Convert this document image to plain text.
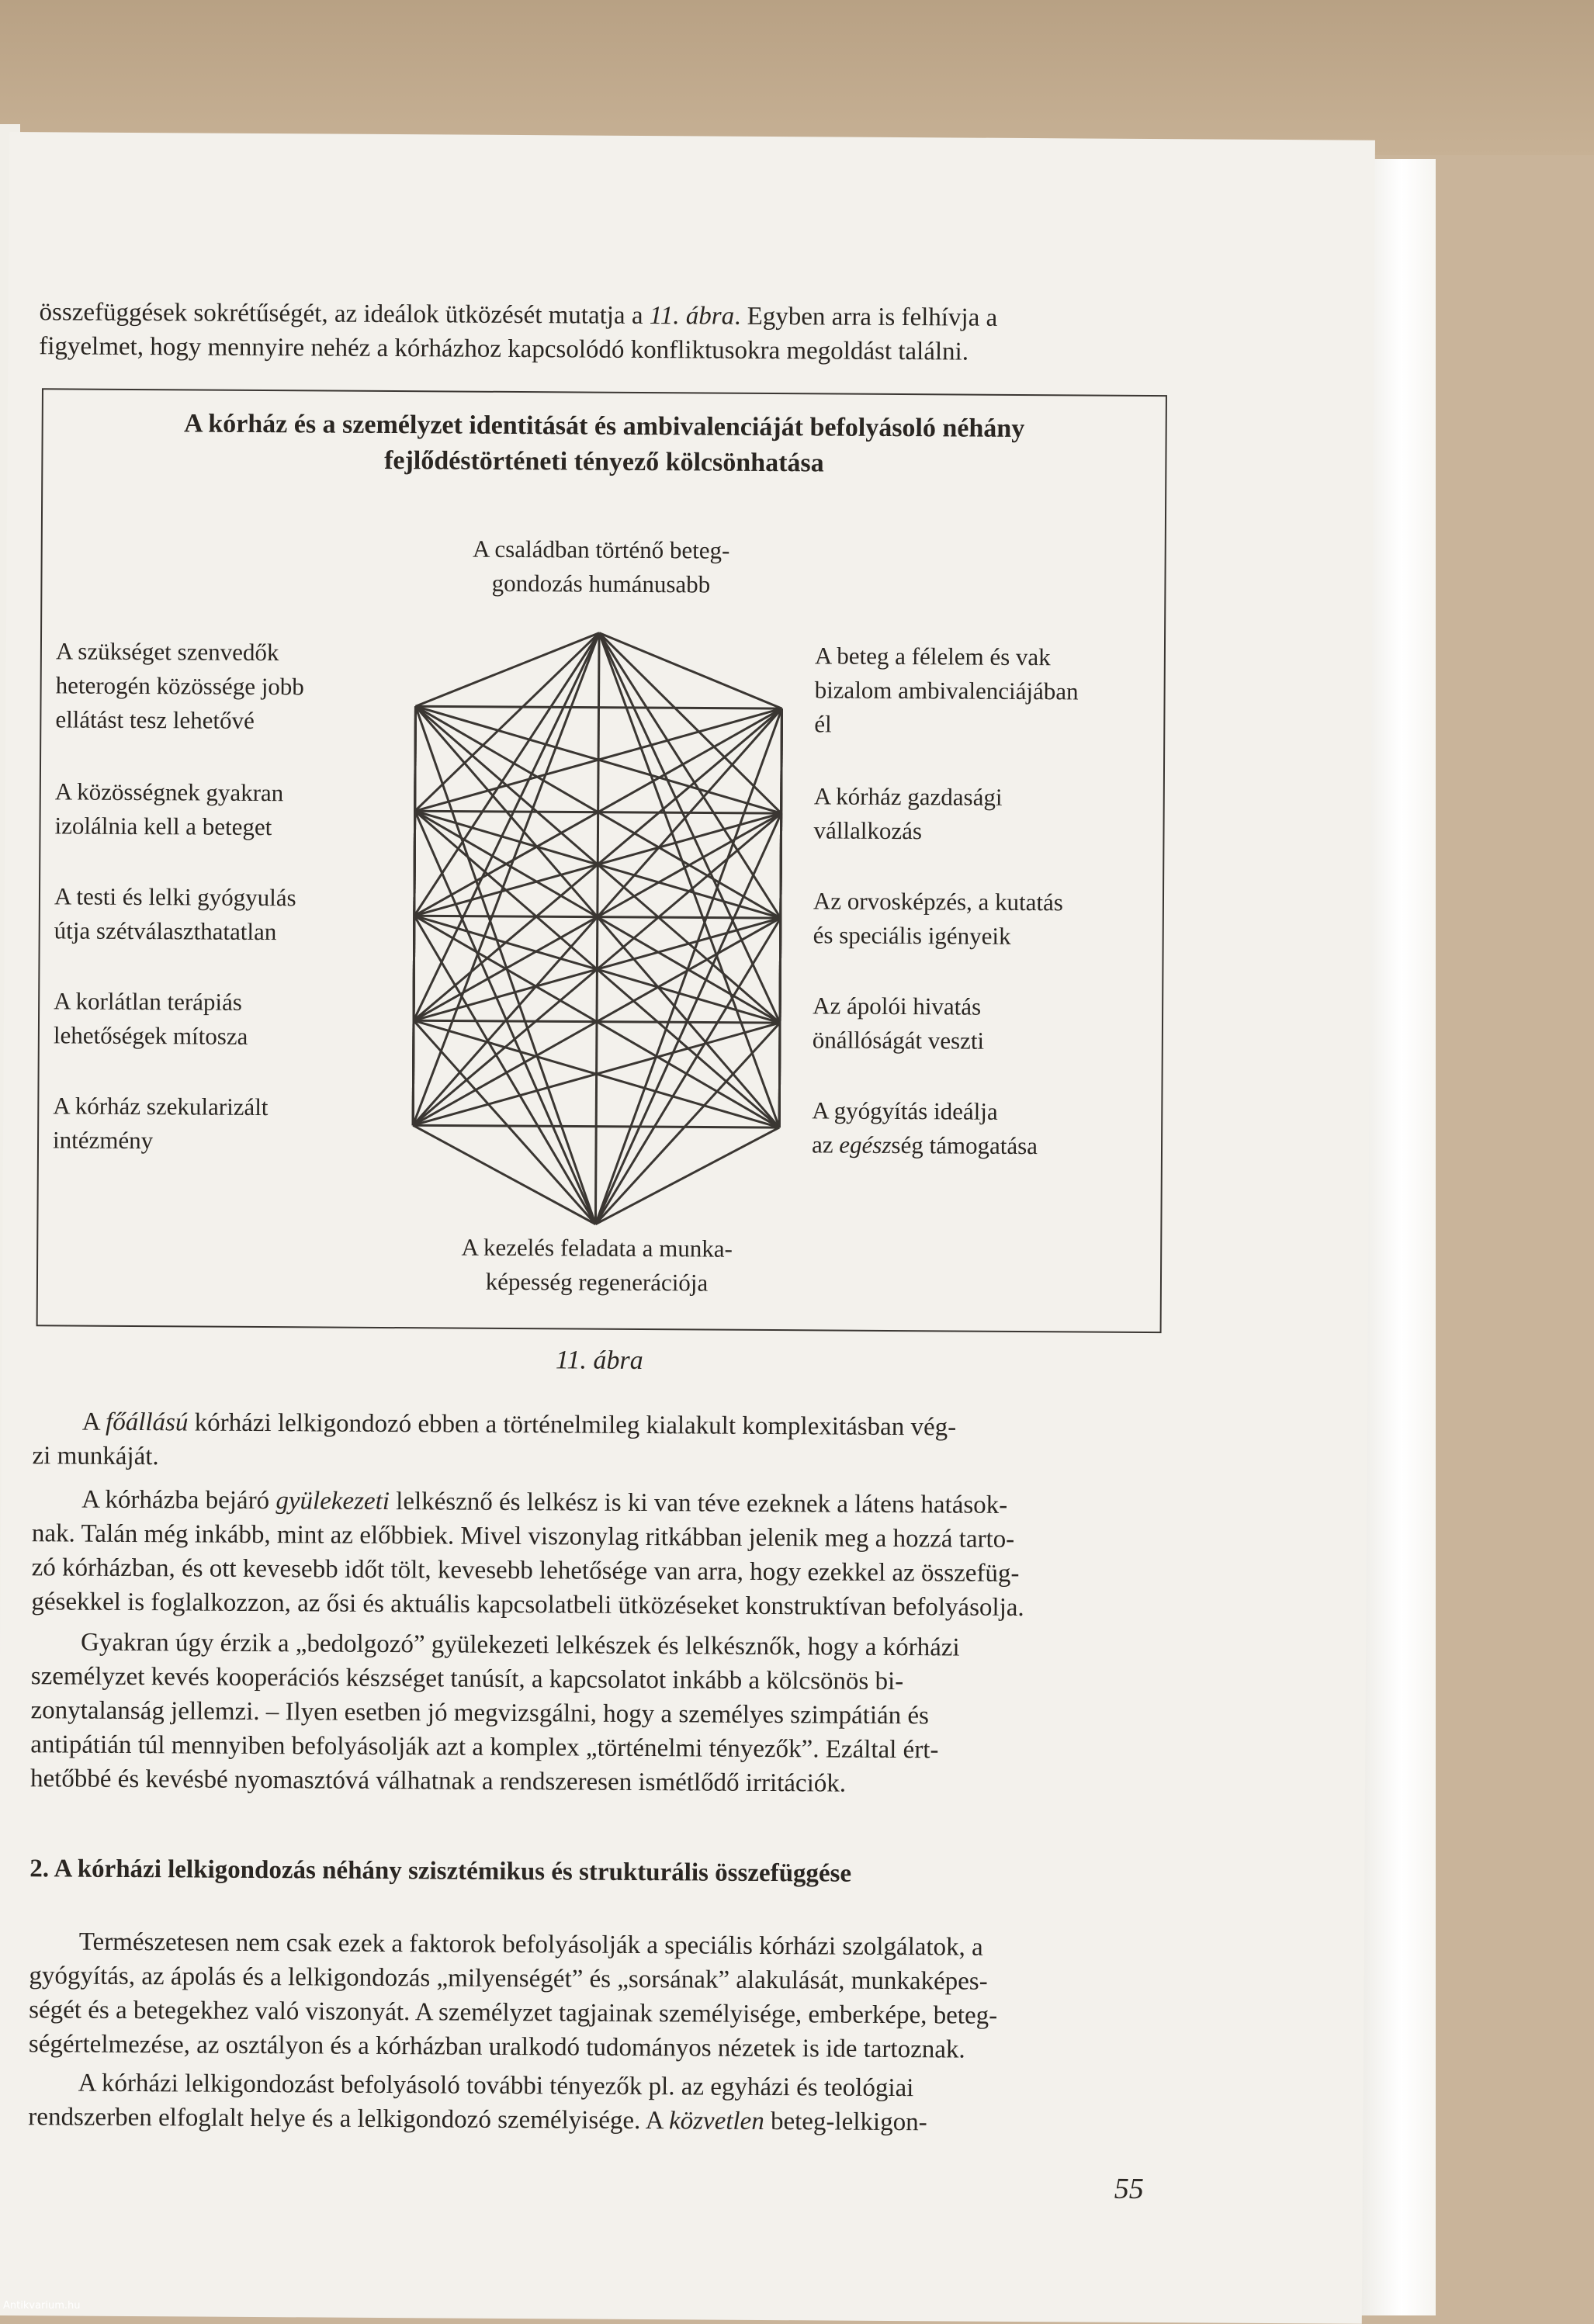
összefüggések sokrétűségét, az ideálok ütközését mutatja a 11. ábra. Egyben arra is felhívja a

figyelmet, hogy mennyire nehéz a kórházhoz kapcsolódó konfliktusokra megoldást találni.

A kórház és a személyzet identitását és ambivalenciáját befolyásoló néhány
fejlődéstörténeti tényező kölcsönhatása
A családban történő beteg-
gondozás humánusabb
A szükséget szenvedők
heterogén közössége jobb
ellátást tesz lehetővé
A közösségnek gyakran
izolálnia kell a beteget
A testi és lelki gyógyulás
útja szétválaszthatatlan
A korlátlan terápiás
lehetőségek mítosza
A kórház szekularizált
intézmény
A beteg a félelem és vak
bizalom ambivalenciájában
él
A kórház gazdasági
vállalkozás
Az orvosképzés, a kutatás
és speciális igényeik
Az ápolói hivatás
önállóságát veszti
A gyógyítás ideálja
az egészség támogatása
A kezelés feladata a munka-
képesség regenerációja
11. ábra

A főállású kórházi lelkigondozó ebben a történelmileg kialakult komplexitásban vég-

zi munkáját.

A kórházba bejáró gyülekezeti lelkésznő és lelkész is ki van téve ezeknek a látens hatások-

nak. Talán még inkább, mint az előbbiek. Mivel viszonylag ritkábban jelenik meg a hozzá tarto-

zó kórházban, és ott kevesebb időt tölt, kevesebb lehetősége van arra, hogy ezekkel az összefüg-

gésekkel is foglalkozzon, az ősi és aktuális kapcsolatbeli ütközéseket konstruktívan befolyásolja.

Gyakran úgy érzik a „bedolgozó” gyülekezeti lelkészek és lelkésznők, hogy a kórházi

személyzet kevés kooperációs készséget tanúsít, a kapcsolatot inkább a kölcsönös bi-

zonytalanság jellemzi. – Ilyen esetben jó megvizsgálni, hogy a személyes szimpátián és

antipátián túl mennyiben befolyásolják azt a komplex „történelmi tényezők”. Ezáltal ért-

hetőbbé és kevésbé nyomasztóvá válhatnak a rendszeresen ismétlődő irritációk.

2. A kórházi lelkigondozás néhány szisztémikus és strukturális összefüggése

Természetesen nem csak ezek a faktorok befolyásolják a speciális kórházi szolgálatok, a

gyógyítás, az ápolás és a lelkigondozás „milyenségét” és „sorsának” alakulását, munkaképes-

ségét és a betegekhez való viszonyát. A személyzet tagjainak személyisége, emberképe, beteg-

ségértelmezése, az osztályon és a kórházban uralkodó tudományos nézetek is ide tartoznak.

A kórházi lelkigondozást befolyásoló további tényezők pl. az egyházi és teológiai

rendszerben elfoglalt helye és a lelkigondozó személyisége. A közvetlen beteg-lelkigon-

55
Antikvarium.hu
